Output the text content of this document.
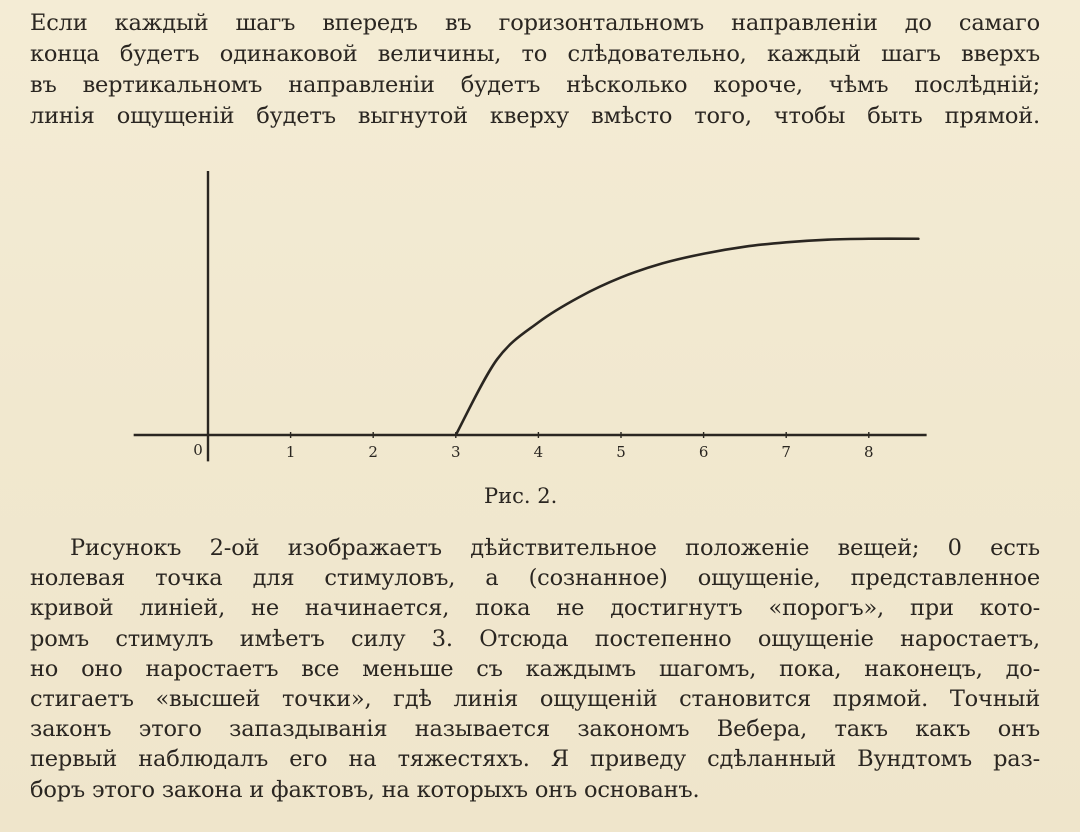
Если каждый шагъ впередъ въ горизонтальномъ направленіи до самаго
конца будетъ одинаковой величины, то слѣдовательно, каждый шагъ вверхъ
въ вертикальномъ направленіи будетъ нѣсколько короче, чѣмъ послѣдній;
линія ощущеній будетъ выгнутой кверху вмѣсто того, чтобы быть прямой.
0	1	2	3	4	5	6	7	8
Рис. 2.
Рисунокъ 2-ой изображаетъ дѣйствительное положеніе вещей; 0 есть
нолевая точка для стимуловъ, а (сознанное) ощущеніе, представленное
кривой линіей, не начинается, пока не достигнутъ «порогъ», при кото-
ромъ стимулъ имѣетъ силу 3. Отсюда постепенно ощущеніе наростаетъ,
но оно наростаетъ все меньше съ каждымъ шагомъ, пока, наконецъ, до-
стигаетъ «высшей точки», гдѣ линія ощущеній становится прямой. Точный
законъ этого запаздыванія называется закономъ Вебера, такъ какъ онъ
первый наблюдалъ его на тяжестяхъ. Я приведу сдѣланный Вундтомъ раз-
боръ этого закона и фактовъ, на которыхъ онъ основанъ.
